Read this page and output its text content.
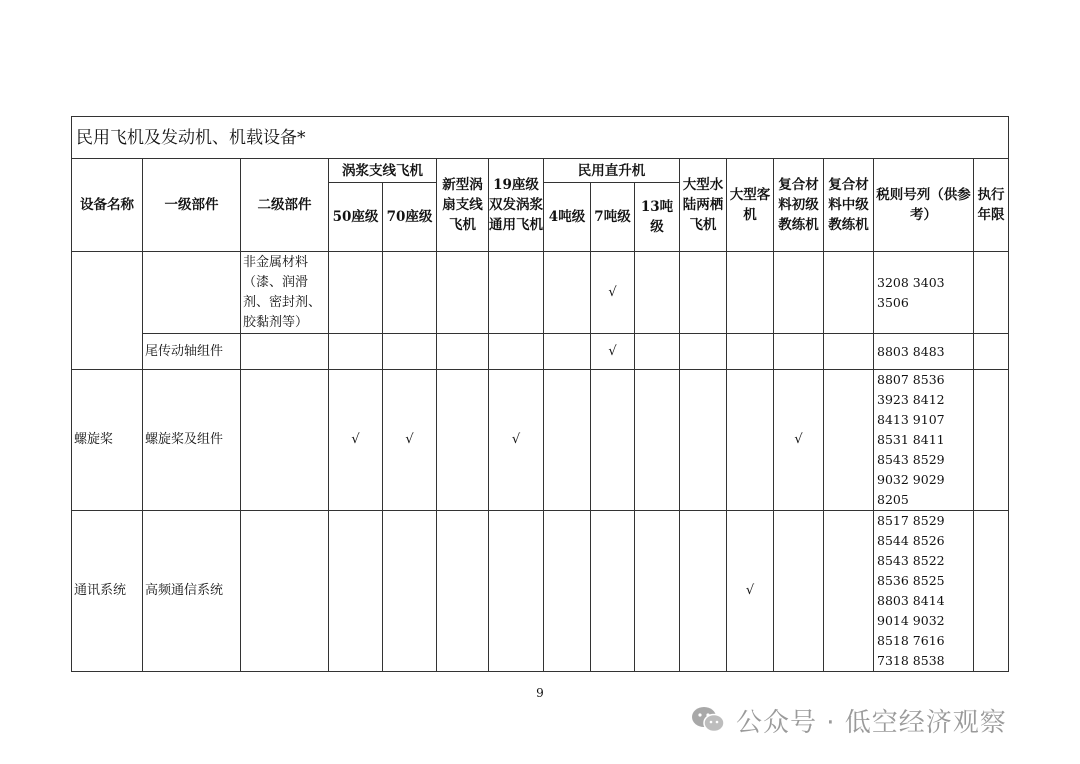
民用飞机及发动机、机载设备*															
设备名称	一级部件	二级部件	涡浆支线飞机		新型涡扇支线飞机	19座级双发涡浆通用飞机	民用直升机			大型水陆两栖飞机	大型客机	复合材料初级教练机	复合材料中级教练机	税则号列（供参考）	执行年限
			50座级	70座级			4吨级	7吨级	13吨级						
		非金属材料（漆、润滑剂、密封剂、胶黏剂等）						√						3208 3403 3506	
	尾传动轴组件							√						8803 8483	
螺旋桨	螺旋桨及组件		√	√		√						√		8807 8536 3923 8412 8413 9107 8531 8411 8543 8529 9032 9029 8205	
通讯系统	高频通信系统										√			8517 8529 8544 8526 8543 8522 8536 8525 8803 8414 9014 9032 8518 7616 7318 8538	
9
公众号 · 低空经济观察
